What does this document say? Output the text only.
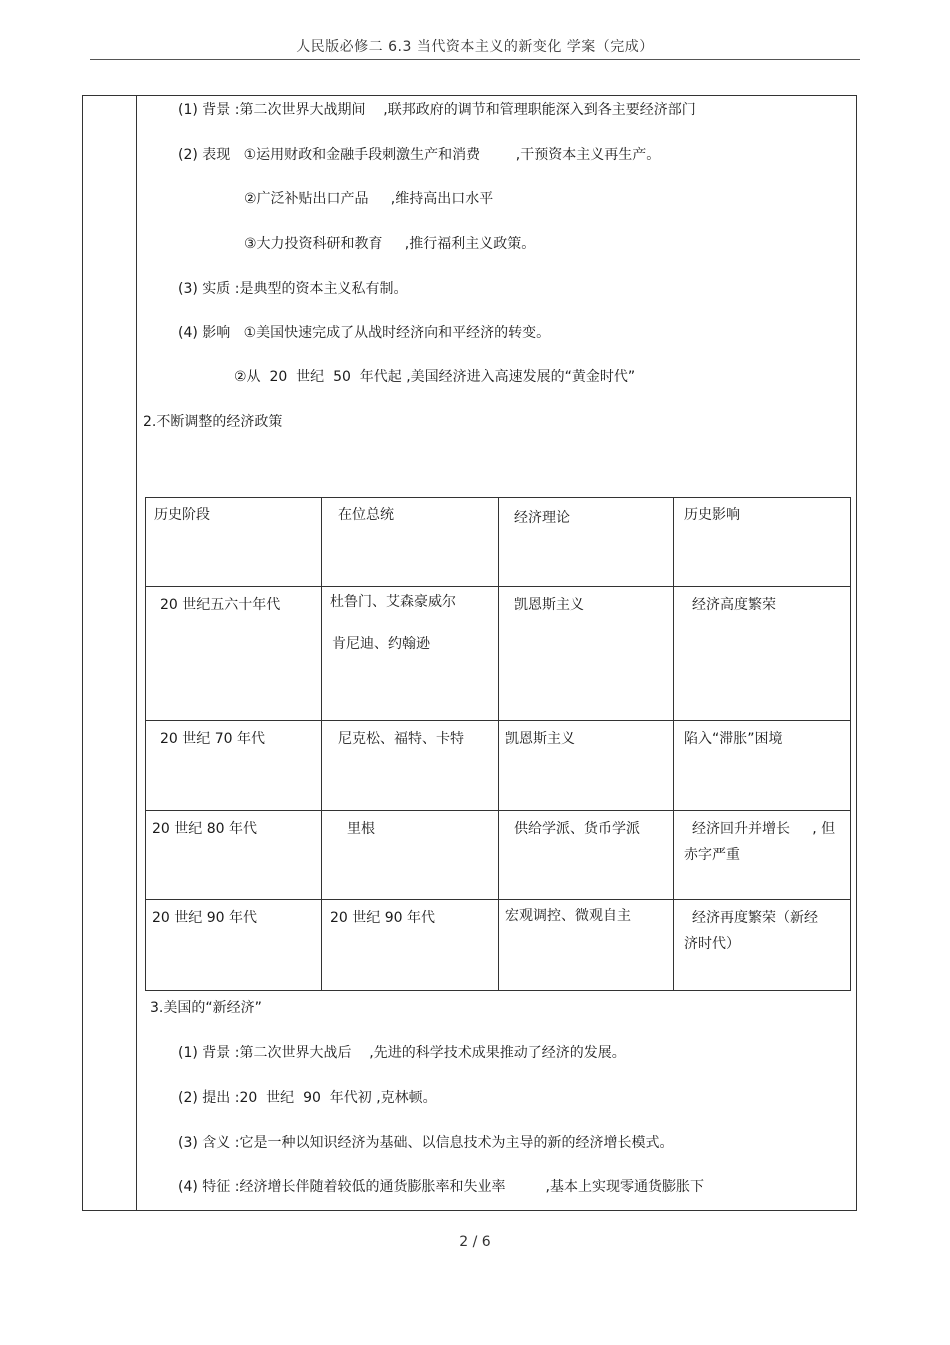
人民版必修二 6.3 当代资本主义的新变化 学案（完成）
(1) 背景 :第二次世界大战期间    ,联邦政府的调节和管理职能深入到各主要经济部门
(2) 表现   ①运用财政和金融手段刺激生产和消费        ,干预资本主义再生产。
②广泛补贴出口产品     ,维持高出口水平
③大力投资科研和教育     ,推行福利主义政策。
(3) 实质 :是典型的资本主义私有制。
(4) 影响   ①美国快速完成了从战时经济向和平经济的转变。
②从  20  世纪  50  年代起 ,美国经济进入高速发展的“黄金时代”
2.不断调整的经济政策
历史阶段	在位总统	经济理论	历史影响

20 世纪五六十年代	杜鲁门、艾森豪威尔
肯尼迪、约翰逊	凯恩斯主义	经济高度繁荣

20 世纪 70 年代	尼克松、福特、卡特	凯恩斯主义	陷入“滞胀”困境

20 世纪 80 年代	里根	供给学派、货币学派	经济回升并增长     , 但
赤字严重

20 世纪 90 年代	20 世纪 90 年代	宏观调控、微观自主	经济再度繁荣（新经
济时代）
3.美国的“新经济”
(1) 背景 :第二次世界大战后    ,先进的科学技术成果推动了经济的发展。
(2) 提出 :20  世纪  90  年代初 ,克林顿。
(3) 含义 :它是一种以知识经济为基础、以信息技术为主导的新的经济增长模式。
(4) 特征 :经济增长伴随着较低的通货膨胀率和失业率         ,基本上实现零通货膨胀下
2 / 6
